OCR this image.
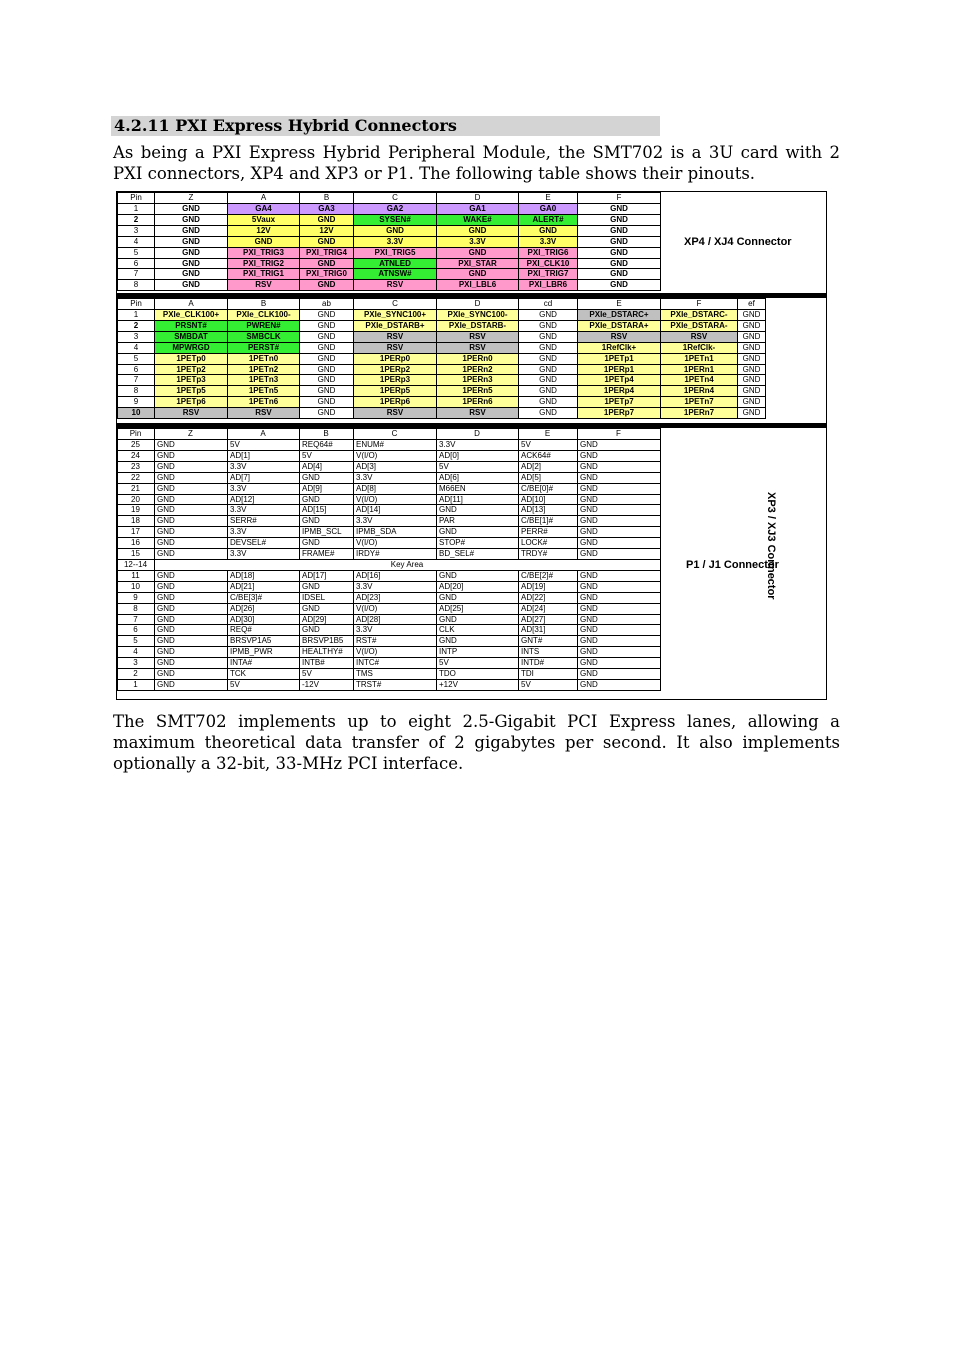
4.2.11 PXI Express Hybrid Connectors
As being a PXI Express Hybrid Peripheral Module, the SMT702 is a 3U card with 2 PXI connectors, XP4 and XP3 or P1. The following table shows their pinouts.
Pin	Z	A	B	C	D	E	F
1	GND	GA4	GA3	GA2	GA1	GA0	GND
2	GND	5Vaux	GND	SYSEN#	WAKE#	ALERT#	GND
3	GND	12V	12V	GND	GND	GND	GND
4	GND	GND	GND	3.3V	3.3V	3.3V	GND
5	GND	PXI_TRIG3	PXI_TRIG4	PXI_TRIG5	GND	PXI_TRIG6	GND
6	GND	PXI_TRIG2	GND	ATNLED	PXI_STAR	PXI_CLK10	GND
7	GND	PXI_TRIG1	PXI_TRIG0	ATNSW#	GND	PXI_TRIG7	GND
8	GND	RSV	GND	RSV	PXI_LBL6	PXI_LBR6	GND
XP4 / XJ4 Connector
Pin	A	B	ab	C	D	cd	E	F	ef
1	PXIe_CLK100+	PXIe_CLK100-	GND	PXIe_SYNC100+	PXIe_SYNC100-	GND	PXIe_DSTARC+	PXIe_DSTARC-	GND
2	PRSNT#	PWREN#	GND	PXIe_DSTARB+	PXIe_DSTARB-	GND	PXIe_DSTARA+	PXIe_DSTARA-	GND
3	SMBDAT	SMBCLK	GND	RSV	RSV	GND	RSV	RSV	GND
4	MPWRGD	PERST#	GND	RSV	RSV	GND	1RefClk+	1RefClk-	GND
5	1PETp0	1PETn0	GND	1PERp0	1PERn0	GND	1PETp1	1PETn1	GND
6	1PETp2	1PETn2	GND	1PERp2	1PERn2	GND	1PERp1	1PERn1	GND
7	1PETp3	1PETn3	GND	1PERp3	1PERn3	GND	1PETp4	1PETn4	GND
8	1PETp5	1PETn5	GND	1PERp5	1PERn5	GND	1PERp4	1PERn4	GND
9	1PETp6	1PETn6	GND	1PERp6	1PERn6	GND	1PETp7	1PETn7	GND
10	RSV	RSV	GND	RSV	RSV	GND	1PERp7	1PERn7	GND
XP3 / XJ3 Connector
Pin	Z	A	B	C	D	E	F
25	GND	5V	REQ64#	ENUM#	3.3V	5V	GND
24	GND	AD[1]	5V	V(I/O)	AD[0]	ACK64#	GND
23	GND	3.3V	AD[4]	AD[3]	5V	AD[2]	GND
22	GND	AD[7]	GND	3.3V	AD[6]	AD[5]	GND
21	GND	3.3V	AD[9]	AD[8]	M66EN	C/BE[0]#	GND
20	GND	AD[12]	GND	V(I/O)	AD[11]	AD[10]	GND
19	GND	3.3V	AD[15]	AD[14]	GND	AD[13]	GND
18	GND	SERR#	GND	3.3V	PAR	C/BE[1]#	GND
17	GND	3.3V	IPMB_SCL	IPMB_SDA	GND	PERR#	GND
16	GND	DEVSEL#	GND	V(I/O)	STOP#	LOCK#	GND
15	GND	3.3V	FRAME#	IRDY#	BD_SEL#	TRDY#	GND
12--14	Key Area						
11	GND	AD[18]	AD[17]	AD[16]	GND	C/BE[2]#	GND
10	GND	AD[21]	GND	3.3V	AD[20]	AD[19]	GND
9	GND	C/BE[3]#	IDSEL	AD[23]	GND	AD[22]	GND
8	GND	AD[26]	GND	V(I/O)	AD[25]	AD[24]	GND
7	GND	AD[30]	AD[29]	AD[28]	GND	AD[27]	GND
6	GND	REQ#	GND	3.3V	CLK	AD[31]	GND
5	GND	BRSVP1A5	BRSVP1B5	RST#	GND	GNT#	GND
4	GND	IPMB_PWR	HEALTHY#	V(I/O)	INTP	INTS	GND
3	GND	INTA#	INTB#	INTC#	5V	INTD#	GND
2	GND	TCK	5V	TMS	TDO	TDI	GND
1	GND	5V	-12V	TRST#	+12V	5V	GND
P1 / J1 Connector
The SMT702 implements up to eight 2.5-Gigabit PCI Express lanes, allowing a maximum theoretical data transfer of 2 gigabytes per second. It also implements optionally a 32-bit, 33-MHz PCI interface.
